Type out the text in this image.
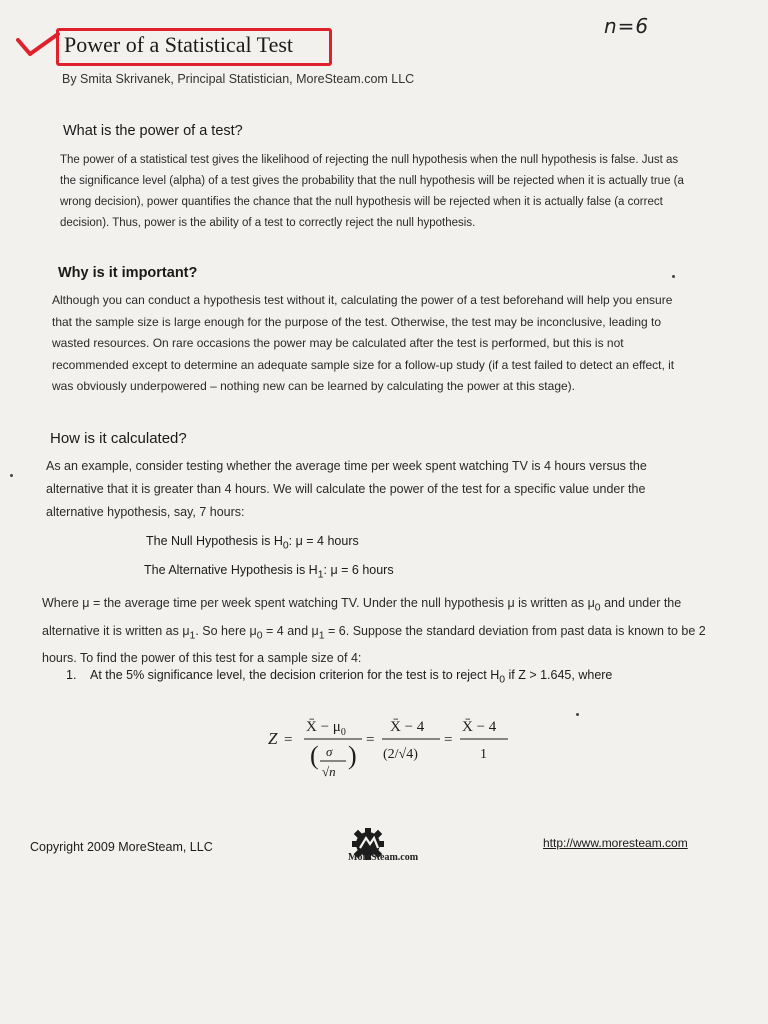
Power of a Statistical Test
n=6
By Smita Skrivanek, Principal Statistician, MoreSteam.com LLC
What is the power of a test?

The power of a statistical test gives the likelihood of rejecting the null hypothesis when the null hypothesis is false. Just as the significance level (alpha) of a test gives the probability that the null hypothesis will be rejected when it is actually true (a wrong decision), power quantifies the chance that the null hypothesis will be rejected when it is actually false (a correct decision). Thus, power is the ability of a test to correctly reject the null hypothesis.

Why is it important?

Although you can conduct a hypothesis test without it, calculating the power of a test beforehand will help you ensure that the sample size is large enough for the purpose of the test. Otherwise, the test may be inconclusive, leading to wasted resources. On rare occasions the power may be calculated after the test is performed, but this is not recommended except to determine an adequate sample size for a follow-up study (if a test failed to detect an effect, it was obviously underpowered – nothing new can be learned by calculating the power at this stage).

How is it calculated?

As an example, consider testing whether the average time per week spent watching TV is 4 hours versus the alternative that it is greater than 4 hours. We will calculate the power of the test for a specific value under the alternative hypothesis, say, 7 hours:

The Null Hypothesis is $H_0$: μ = 4 hours
The Alternative Hypothesis is $H_1$: μ = 6 hours

Where μ = the average time per week spent watching TV. Under the null hypothesis μ is written as $\mu_0$ and under the alternative it is written as $\mu_1$. So here $\mu_0 = 4$ and $\mu_1 = 6$. Suppose the standard deviation from past data is known to be 2 hours. To find the power of this test for a sample size of 4:

1. At the 5% significance level, the decision criterion for the test is to reject $H_0$ if Z > 1.645, where
Z =
X̄ − $\mu_0$
( σ
√n
)
=
X̄ − 4
(2/√4)
=
X̄ − 4
1
Copyright 2009 MoreSteam, LLC
MoreSteam.com
http://www.moresteam.com
